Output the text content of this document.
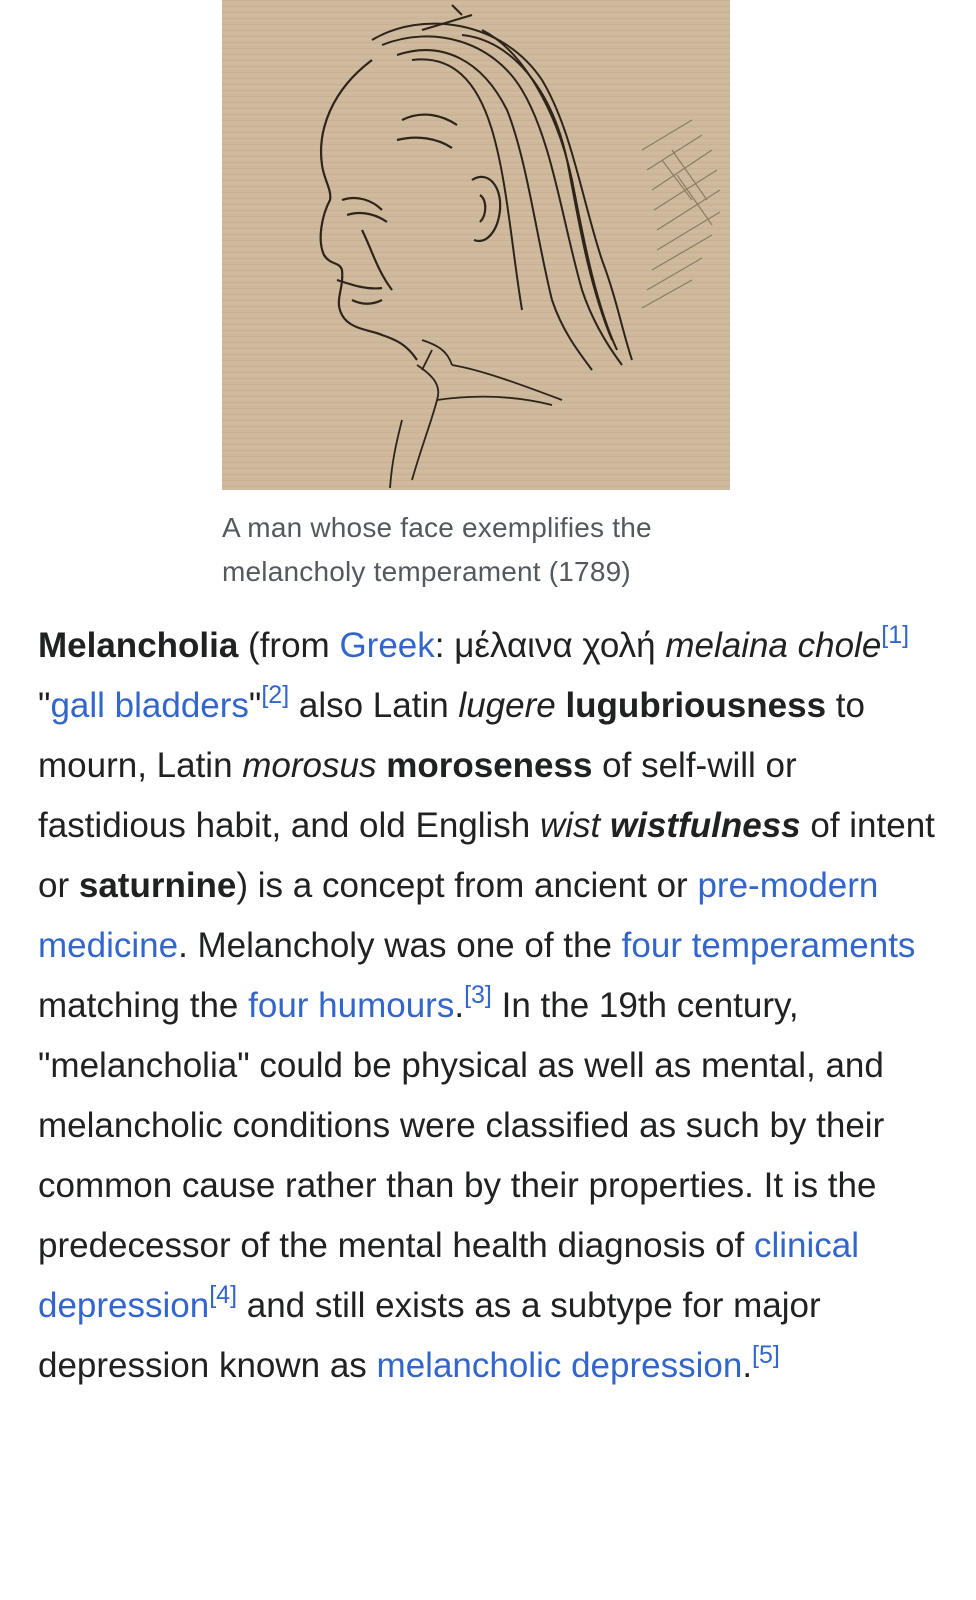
A man whose face exemplifies the melancholy temperament (1789)

Melancholia (from Greek: μέλαινα χολή melaina chole[1] "gall bladders"[2] also Latin lugere lugubriousness to mourn, Latin morosus moroseness of self-will or fastidious habit, and old English wist wistfulness of intent or saturnine) is a concept from ancient or pre-modern medicine. Melancholy was one of the four temperaments matching the four humours.[3] In the 19th century, "melancholia" could be physical as well as mental, and melancholic conditions were classified as such by their common cause rather than by their properties. It is the predecessor of the mental health diagnosis of clinical depression[4] and still exists as a subtype for major depression known as melancholic depression.[5]
